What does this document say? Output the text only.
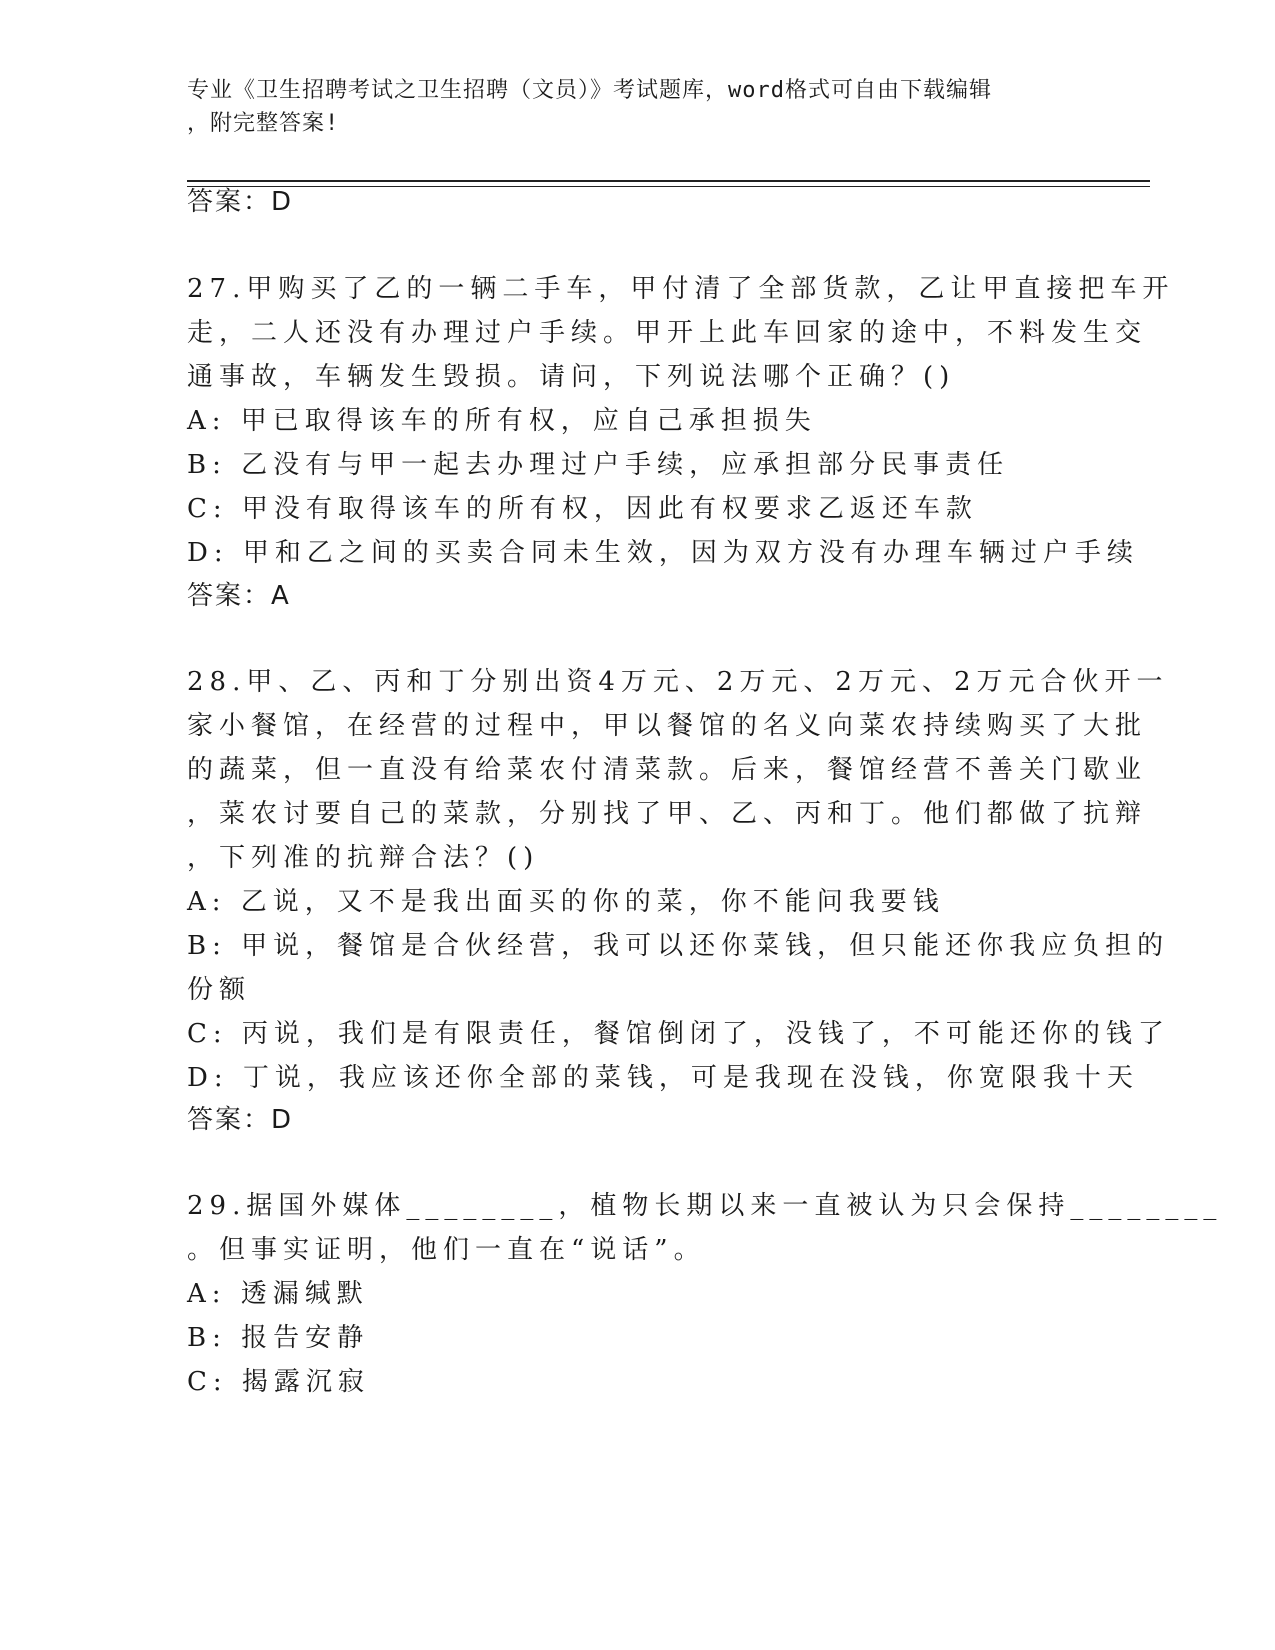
专业《卫生招聘考试之卫生招聘（文员）》考试题库，word格式可自由下载编辑
，附完整答案!
答案：D
27.甲购买了乙的一辆二手车，甲付清了全部货款，乙让甲直接把车开
走，二人还没有办理过户手续。甲开上此车回家的途中，不料发生交
通事故，车辆发生毁损。请问，下列说法哪个正确？()
A: 甲已取得该车的所有权，应自己承担损失
B: 乙没有与甲一起去办理过户手续，应承担部分民事责任
C: 甲没有取得该车的所有权，因此有权要求乙返还车款
D: 甲和乙之间的买卖合同未生效，因为双方没有办理车辆过户手续
答案：A
28.甲、乙、丙和丁分别出资4万元、2万元、2万元、2万元合伙开一
家小餐馆，在经营的过程中，甲以餐馆的名义向菜农持续购买了大批
的蔬菜，但一直没有给菜农付清菜款。后来，餐馆经营不善关门歇业
，菜农讨要自己的菜款，分别找了甲、乙、丙和丁。他们都做了抗辩
，下列准的抗辩合法？()
A: 乙说，又不是我出面买的你的菜，你不能问我要钱
B: 甲说，餐馆是合伙经营，我可以还你菜钱，但只能还你我应负担的
份额
C: 丙说，我们是有限责任，餐馆倒闭了，没钱了，不可能还你的钱了
D: 丁说，我应该还你全部的菜钱，可是我现在没钱，你宽限我十天
答案：D
29.据国外媒体________，植物长期以来一直被认为只会保持________
。但事实证明，他们一直在“说话”。
A: 透漏缄默
B: 报告安静
C: 揭露沉寂
